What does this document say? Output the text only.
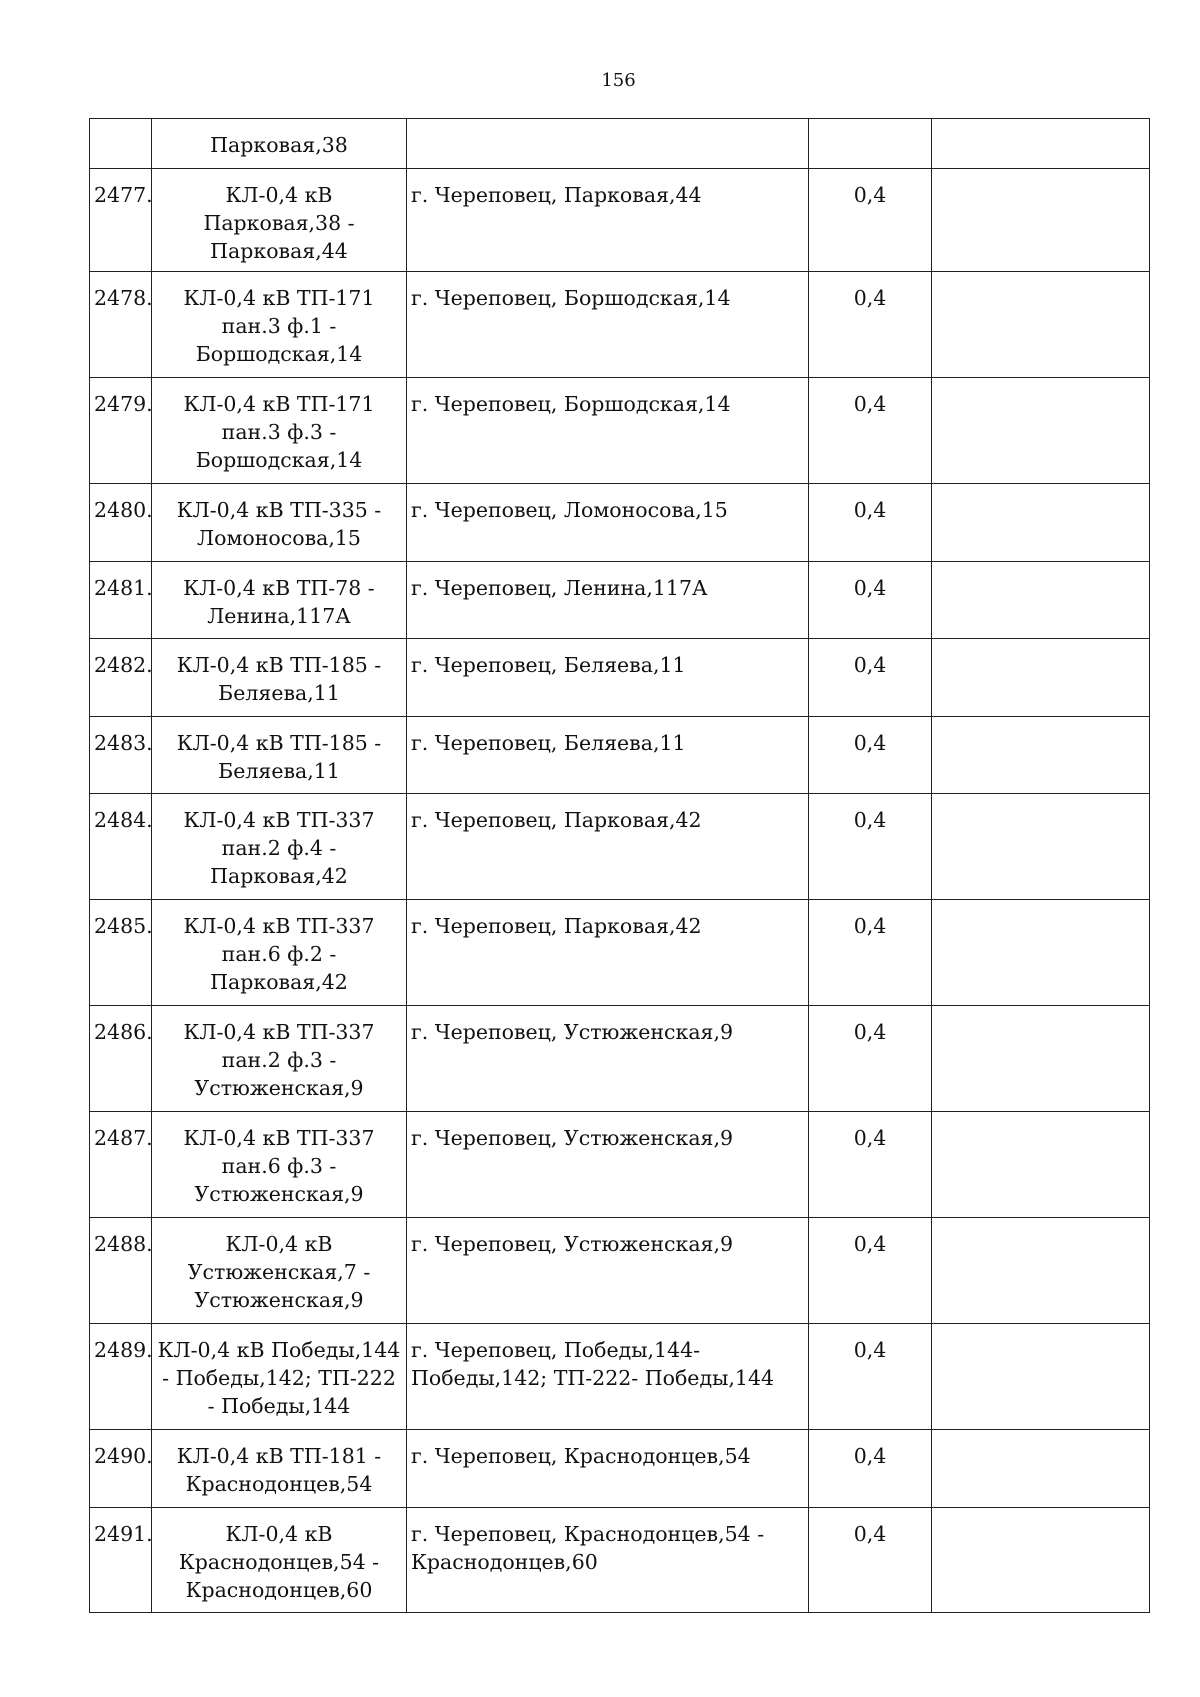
156
	Парковая,38			
2477.	КЛ-0,4 кВ Парковая,38 - Парковая,44	г. Череповец, Парковая,44	0,4	
2478.	КЛ-0,4 кВ ТП-171 пан.3 ф.1 - Боршодская,14	г. Череповец, Боршодская,14	0,4	
2479.	КЛ-0,4 кВ ТП-171 пан.3 ф.3 - Боршодская,14	г. Череповец, Боршодская,14	0,4	
2480.	КЛ-0,4 кВ ТП-335 - Ломоносова,15	г. Череповец, Ломоносова,15	0,4	
2481.	КЛ-0,4 кВ ТП-78 - Ленина,117А	г. Череповец, Ленина,117А	0,4	
2482.	КЛ-0,4 кВ ТП-185 - Беляева,11	г. Череповец, Беляева,11	0,4	
2483.	КЛ-0,4 кВ ТП-185 - Беляева,11	г. Череповец, Беляева,11	0,4	
2484.	КЛ-0,4 кВ ТП-337 пан.2 ф.4 - Парковая,42	г. Череповец, Парковая,42	0,4	
2485.	КЛ-0,4 кВ ТП-337 пан.6 ф.2 - Парковая,42	г. Череповец, Парковая,42	0,4	
2486.	КЛ-0,4 кВ ТП-337 пан.2 ф.3 - Устюженская,9	г. Череповец, Устюженская,9	0,4	
2487.	КЛ-0,4 кВ ТП-337 пан.6 ф.3 - Устюженская,9	г. Череповец, Устюженская,9	0,4	
2488.	КЛ-0,4 кВ Устюженская,7 - Устюженская,9	г. Череповец, Устюженская,9	0,4	
2489.	КЛ-0,4 кВ Победы,144 - Победы,142; ТП-222 - Победы,144	г. Череповец, Победы,144- Победы,142; ТП-222- Победы,144	0,4	
2490.	КЛ-0,4 кВ ТП-181 - Краснодонцев,54	г. Череповец, Краснодонцев,54	0,4	
2491.	КЛ-0,4 кВ Краснодонцев,54 - Краснодонцев,60	г. Череповец, Краснодонцев,54 - Краснодонцев,60	0,4	
